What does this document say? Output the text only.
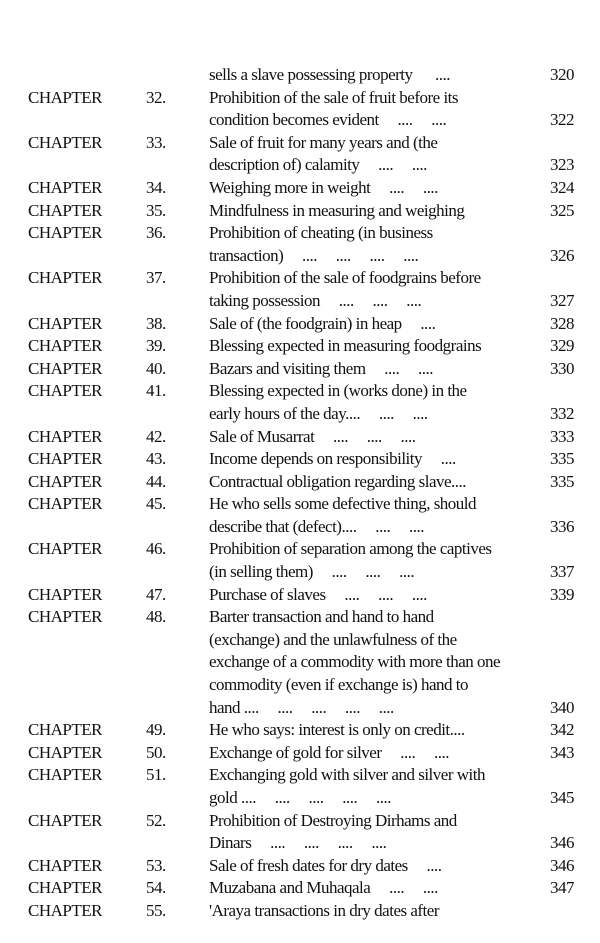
sells a slave possessing property      ....	320
CHAPTER	32.	Prohibition of the sale of fruit before its
condition becomes evident     ....     ....	322
CHAPTER	33.	Sale of fruit for many years and (the
description of) calamity     ....     ....	323
CHAPTER	34.	Weighing more in weight     ....     ....	324
CHAPTER	35.	Mindfulness in measuring and weighing	325
CHAPTER	36.	Prohibition of cheating (in business
transaction)     ....     ....     ....     ....	326
CHAPTER	37.	Prohibition of the sale of foodgrains before
taking possession     ....     ....     ....	327
CHAPTER	38.	Sale of (the foodgrain) in heap     ....	328
CHAPTER	39.	Blessing expected in measuring foodgrains	329
CHAPTER	40.	Bazars and visiting them     ....     ....	330
CHAPTER	41.	Blessing expected in (works done) in the
early hours of the day....     ....     ....	332
CHAPTER	42.	Sale of Musarrat     ....     ....     ....	333
CHAPTER	43.	Income depends on responsibility     ....	335
CHAPTER	44.	Contractual obligation regarding slave....	335
CHAPTER	45.	He who sells some defective thing, should
describe that (defect)....     ....     ....	336
CHAPTER	46.	Prohibition of separation among the captives
(in selling them)     ....     ....     ....	337
CHAPTER	47.	Purchase of slaves     ....     ....     ....	339
CHAPTER	48.	Barter transaction and hand to hand
(exchange) and the unlawfulness of the
exchange of a commodity with more than one
commodity (even if exchange is) hand to
hand ....     ....     ....     ....     ....	340
CHAPTER	49.	He who says: interest is only on credit....	342
CHAPTER	50.	Exchange of gold for silver     ....     ....	343
CHAPTER	51.	Exchanging gold with silver and silver with
gold ....     ....     ....     ....     ....	345
CHAPTER	52.	Prohibition of Destroying Dirhams and
Dinars     ....     ....     ....     ....	346
CHAPTER	53.	Sale of fresh dates for dry dates     ....	346
CHAPTER	54.	Muzabana and Muhaqala     ....     ....	347
CHAPTER	55.	'Araya transactions in dry dates after
